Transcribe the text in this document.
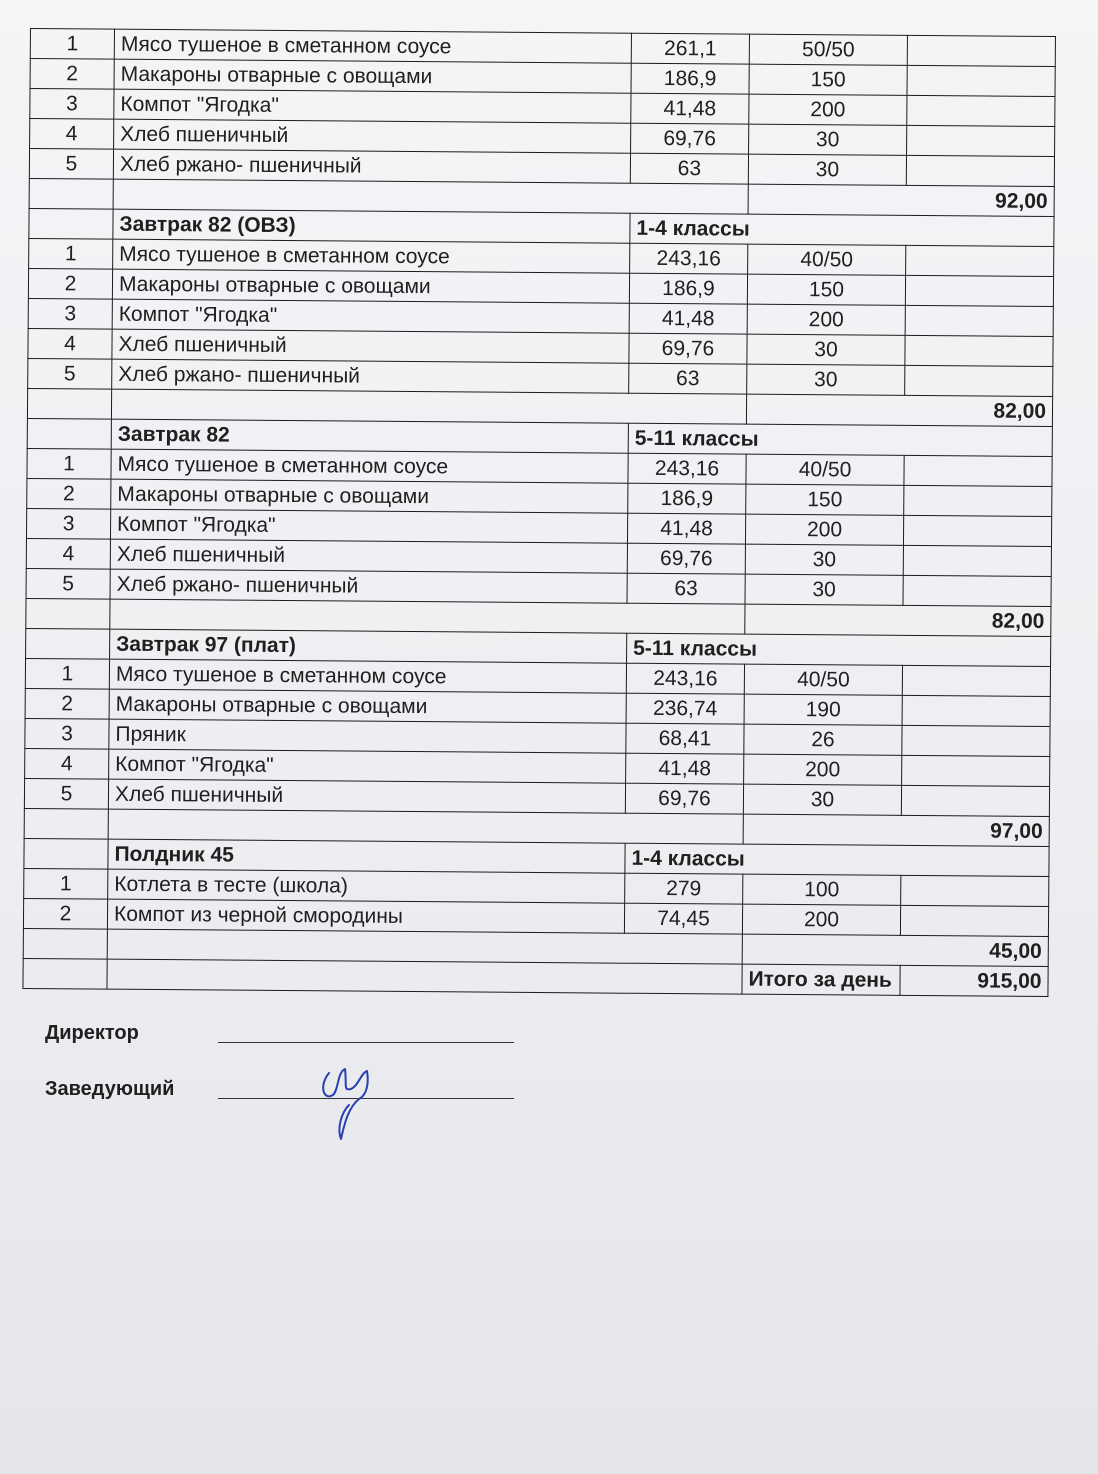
1	Мясо тушеное в сметанном соусе	261,1	50/50	
2	Макароны отварные с овощами	186,9	150	
3	Компот "Ягодка"	41,48	200	
4	Хлеб пшеничный	69,76	30	
5	Хлеб ржано- пшеничный	63	30	
			92,00	
	Завтрак 82 (ОВЗ)	1-4 классы		
1	Мясо тушеное в сметанном соусе	243,16	40/50	
2	Макароны отварные с овощами	186,9	150	
3	Компот "Ягодка"	41,48	200	
4	Хлеб пшеничный	69,76	30	
5	Хлеб ржано- пшеничный	63	30	
			82,00	
	Завтрак 82	5-11 классы		
1	Мясо тушеное в сметанном соусе	243,16	40/50	
2	Макароны отварные с овощами	186,9	150	
3	Компот "Ягодка"	41,48	200	
4	Хлеб пшеничный	69,76	30	
5	Хлеб ржано- пшеничный	63	30	
			82,00	
	Завтрак 97 (плат)	5-11 классы		
1	Мясо тушеное в сметанном соусе	243,16	40/50	
2	Макароны отварные с овощами	236,74	190	
3	Пряник	68,41	26	
4	Компот "Ягодка"	41,48	200	
5	Хлеб пшеничный	69,76	30	
			97,00	
	Полдник 45	1-4 классы		
1	Котлета в тесте (школа)	279	100	
2	Компот из черной смородины	74,45	200	
			45,00	
			Итого за день	915,00
Директор
Заведующий
